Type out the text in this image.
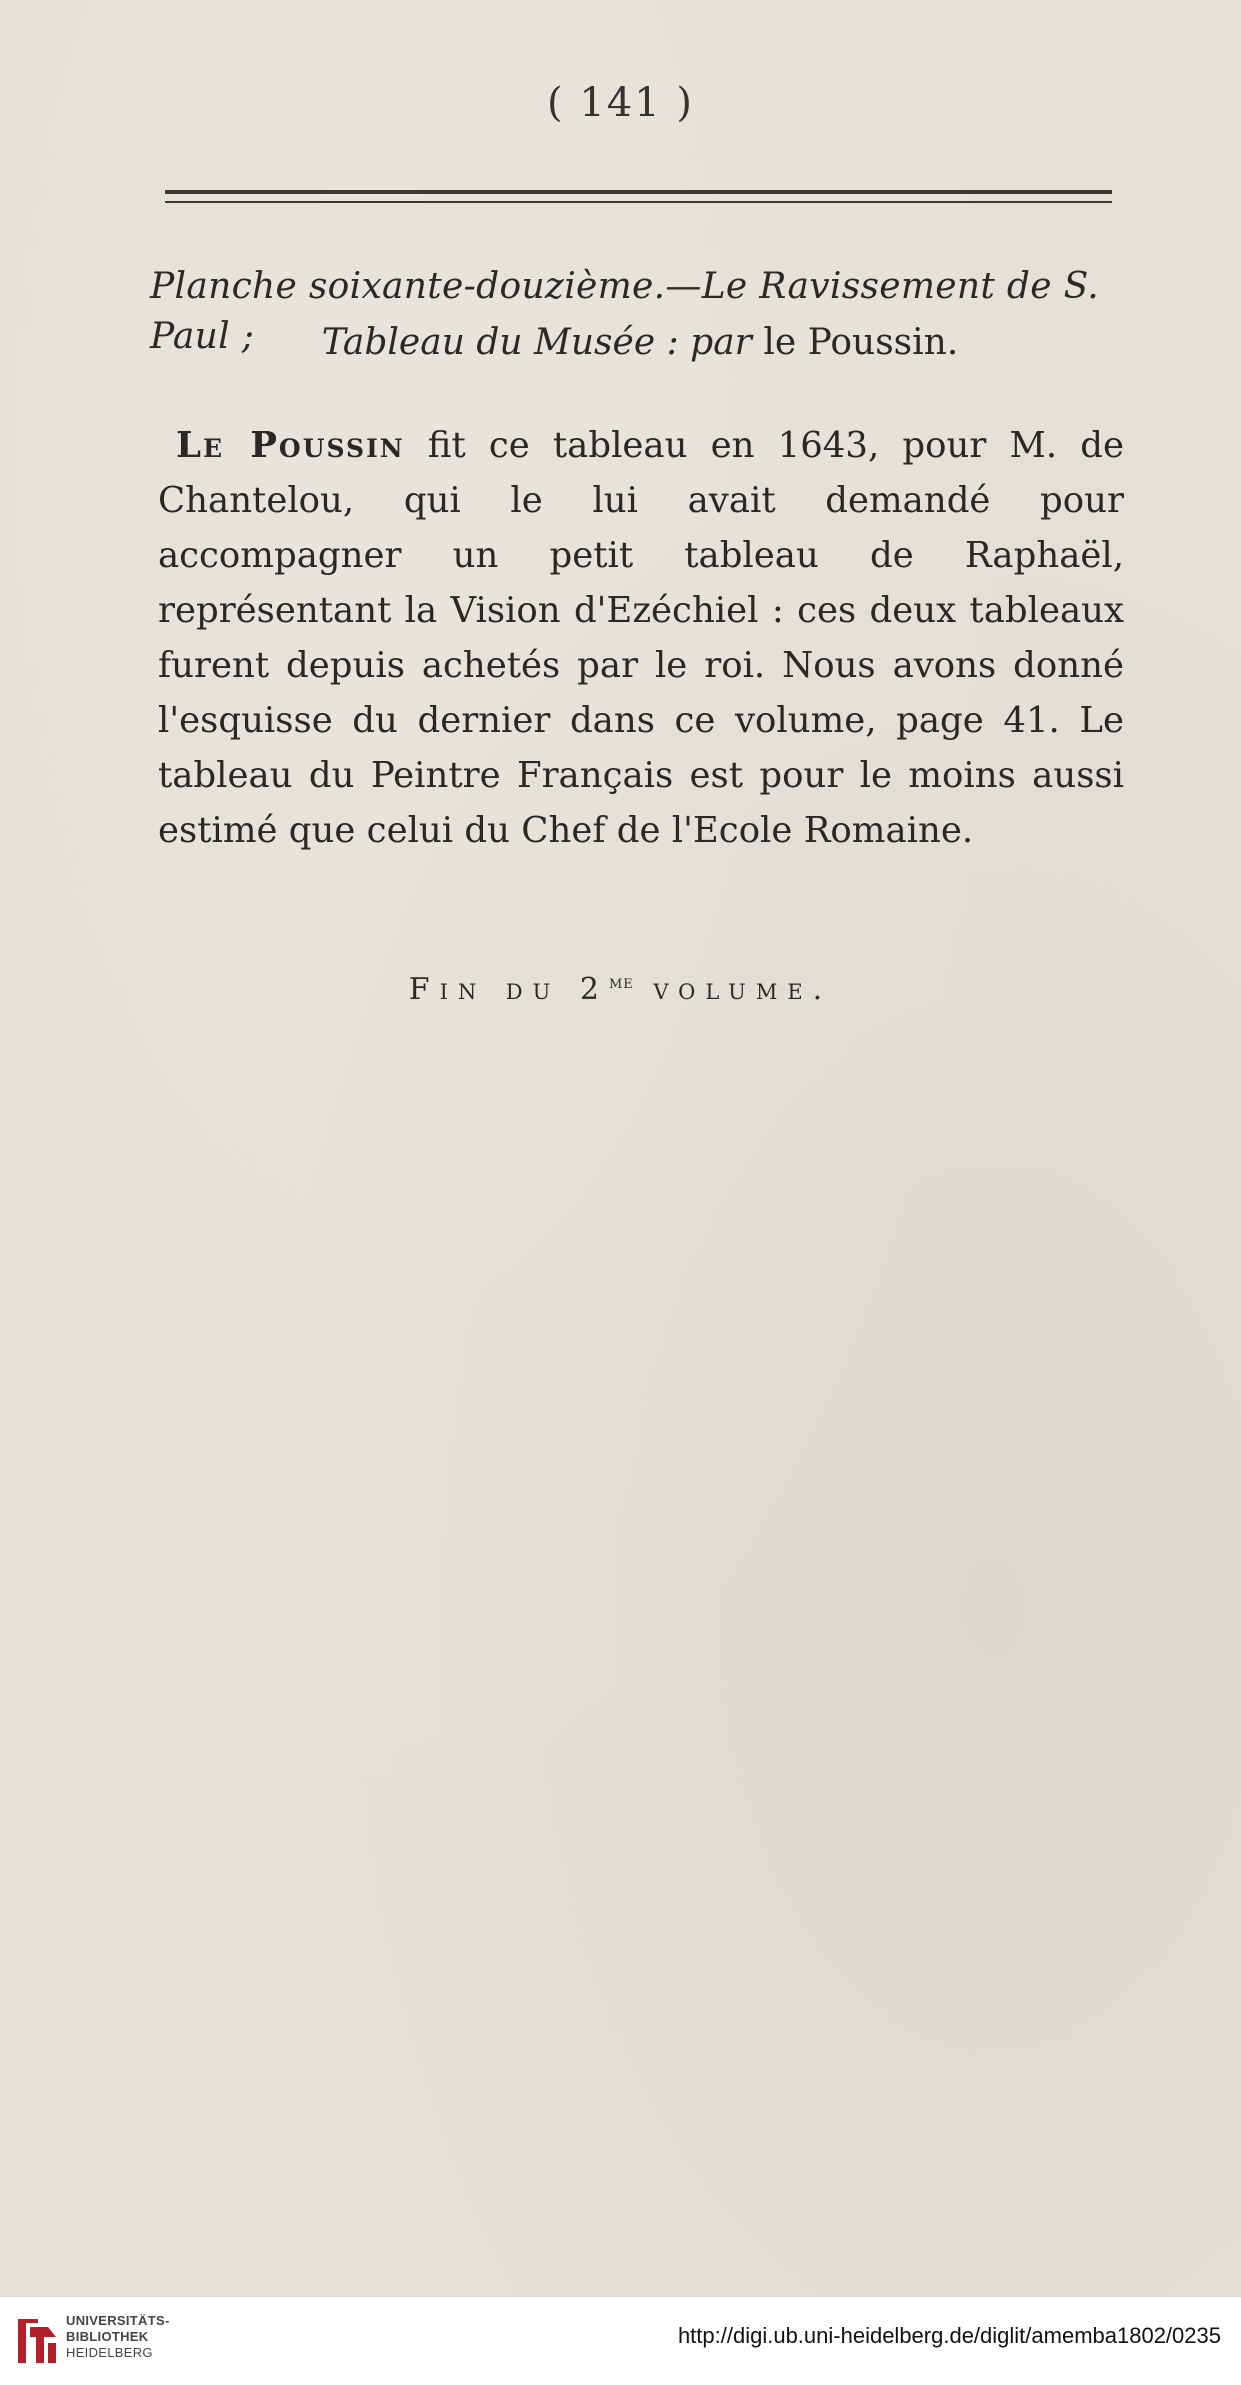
( 141 )
Planche soixante-douzième.—Le Ravissement de S. Paul ;	Tableau du Musée : par le Poussin.
Le Poussin fit ce tableau en 1643, pour M. de Chantelou, qui le lui avait demandé pour accompagner un petit tableau de Raphaël, représentant la Vision d'Ezéchiel : ces deux tableaux furent depuis achetés par le roi. Nous avons donné l'esquisse du dernier dans ce volume, page 41. Le tableau du Peintre Français est pour le moins aussi estimé que celui du Chef de l'Ecole Romaine.
Fin du $2^{me}$ volume.
UNIVERSITÄTS-
BIBLIOTHEK
HEIDELBERG
http://digi.ub.uni-heidelberg.de/diglit/amemba1802/0235
